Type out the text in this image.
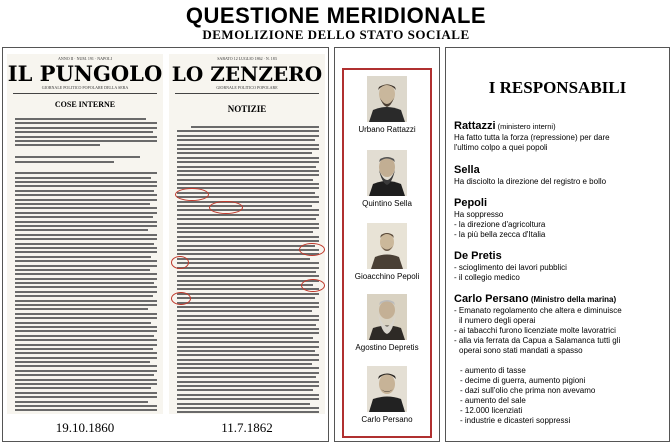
QUESTIONE MERIDIONALE
DEMOLIZIONE DELLO STATO SOCIALE
ANNO II · NUM. 191 · NAPOLI
IL PUNGOLO
GIORNALE POLITICO POPOLARE DELLA SERA
COSE INTERNE
19.10.1860
SABATO 12 LUGLIO 1862 · N. 183
LO ZENZERO
GIORNALE POLITICO POPOLARE
NOTIZIE
11.7.1862
Urbano Rattazzi
Quintino Sella
Gioacchino Pepoli
Agostino Depretis
Carlo Persano
I RESPONSABILI
Rattazzi (ministero interni)
Ha fatto tutta la forza (repressione) per dare
l'ultimo colpo a quei popoli
Sella
Ha disciolto la direzione del registro e bollo
Pepoli
Ha soppresso
- la direzione d'agricoltura
- la più bella zecca d'Italia
De Pretis
- scioglimento dei lavori pubblici
- il collegio medico
Carlo Persano (Ministro della marina)
- Emanato regolamento che altera e diminuisce
il numero degli operai
- ai tabacchi furono licenziate molte lavoratrici
- alla via ferrata da Capua a Salamanca tutti gli
operai sono stati mandati a spasso
- aumento di tasse
- decime di guerra, aumento pigioni
- dazi sull'olio che prima non avevamo
- aumento del sale
- 12.000 licenziati
- industrie e dicasteri soppressi
